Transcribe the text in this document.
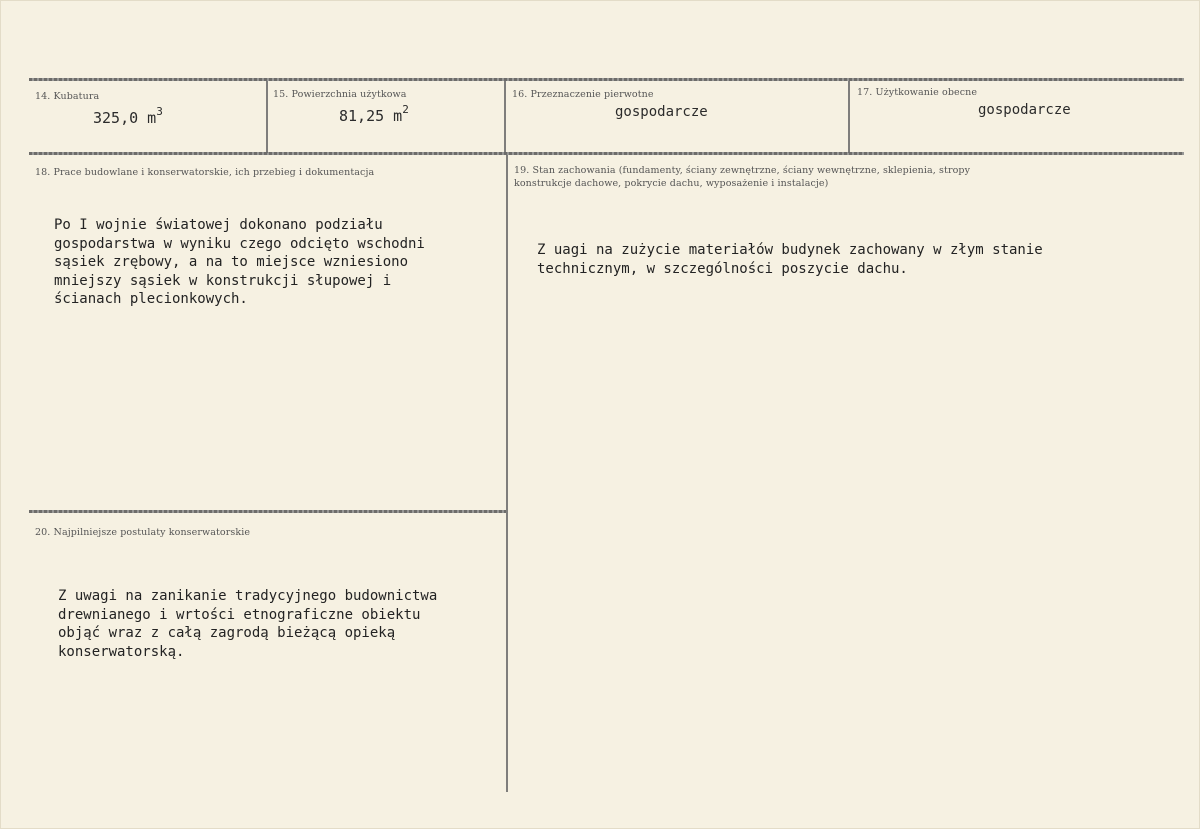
14. Kubatura
325,0 $m^3$
15. Powierzchnia użytkowa
81,25 $m^2$
16. Przeznaczenie pierwotne
gospodarcze
17. Użytkowanie obecne
gospodarcze
18. Prace budowlane i konserwatorskie, ich przebieg i dokumentacja
Po I wojnie światowej dokonano podziału
gospodarstwa w wyniku czego odcięto wschodni
sąsiek zrębowy, a na to miejsce wzniesiono
mniejszy sąsiek w konstrukcji słupowej i
ścianach plecionkowych.
19. Stan zachowania (fundamenty, ściany zewnętrzne, ściany wewnętrzne, sklepienia, stropy
konstrukcje dachowe, pokrycie dachu, wyposażenie i instalacje)
Z uagi na zużycie materiałów budynek zachowany w złym stanie
technicznym, w szczególności poszycie dachu.
20. Najpilniejsze postulaty konserwatorskie
Z uwagi na zanikanie tradycyjnego budownictwa
drewnianego i wrtości etnograficzne obiektu
objąć wraz z całą zagrodą bieżącą opieką
konserwatorską.
